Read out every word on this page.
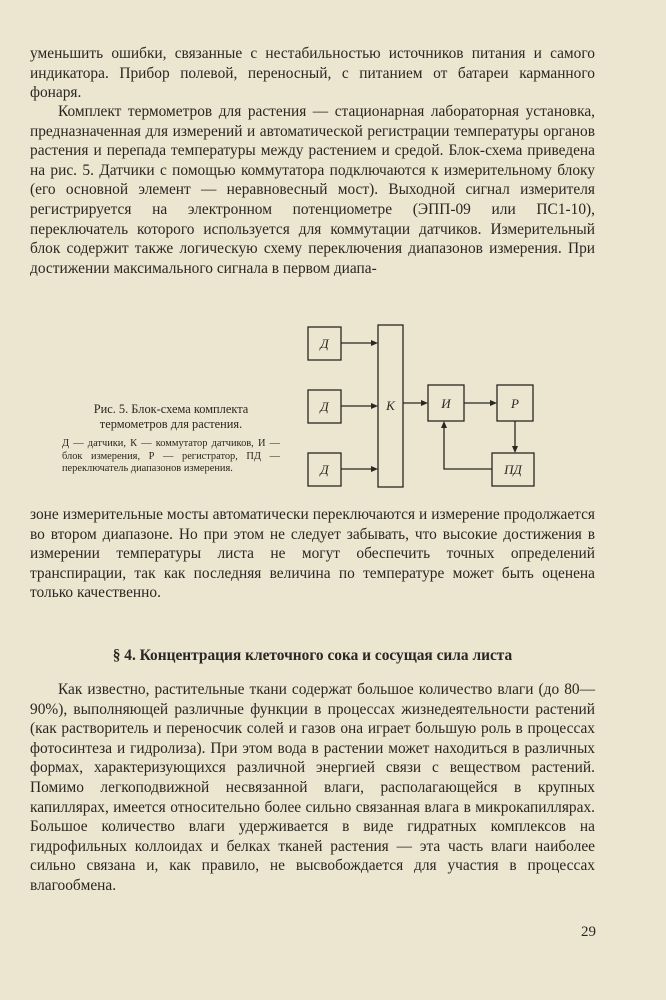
уменьшить ошибки, связанные с нестабильностью источников питания и самого индикатора. Прибор полевой, переносный, с питанием от батареи карманного фонаря.

Комплект термометров для растения — стационарная лабораторная установка, предназначенная для измерений и автоматической регистрации температуры органов растения и перепада температуры между растением и средой. Блок-схема приведена на рис. 5. Датчики с помощью коммутатора подключаются к измерительному блоку (его основной элемент — неравновесный мост). Выходной сигнал измерителя регистрируется на электронном потенциометре (ЭПП-09 или ПС1-10), переключатель которого используется для коммутации датчиков. Измерительный блок содержит также логическую схему переключения диапазонов измерения. При достижении максимального сигнала в первом диапа-

Д
Д
Д
К	И	Р
ПД
Рис. 5. Блок-схема комплекта термометров для растения.
Д — датчики, К — коммутатор датчиков, И — блок измерения, Р — регистратор, ПД — переключатель диапазонов измерения.

зоне измерительные мосты автоматически переключаются и измерение продолжается во втором диапазоне. Но при этом не следует забывать, что высокие достижения в измерении температуры листа не могут обеспечить точных определений транспирации, так как последняя величина по температуре может быть оценена только качественно.

§ 4. Концентрация клеточного сока и сосущая сила листа

Как известно, растительные ткани содержат большое количество влаги (до 80—90%), выполняющей различные функции в процессах жизнедеятельности растений (как растворитель и переносчик солей и газов она играет большую роль в процессах фотосинтеза и гидролиза). При этом вода в растении может находиться в различных формах, характеризующихся различной энергией связи с веществом растений. Помимо легкоподвижной несвязанной влаги, располагающейся в крупных капиллярах, имеется относительно более сильно связанная влага в микрокапиллярах. Большое количество влаги удерживается в виде гидратных комплексов на гидрофильных коллоидах и белках тканей растения — эта часть влаги наиболее сильно связана и, как правило, не высвобождается для участия в процессах влагообмена.

29
